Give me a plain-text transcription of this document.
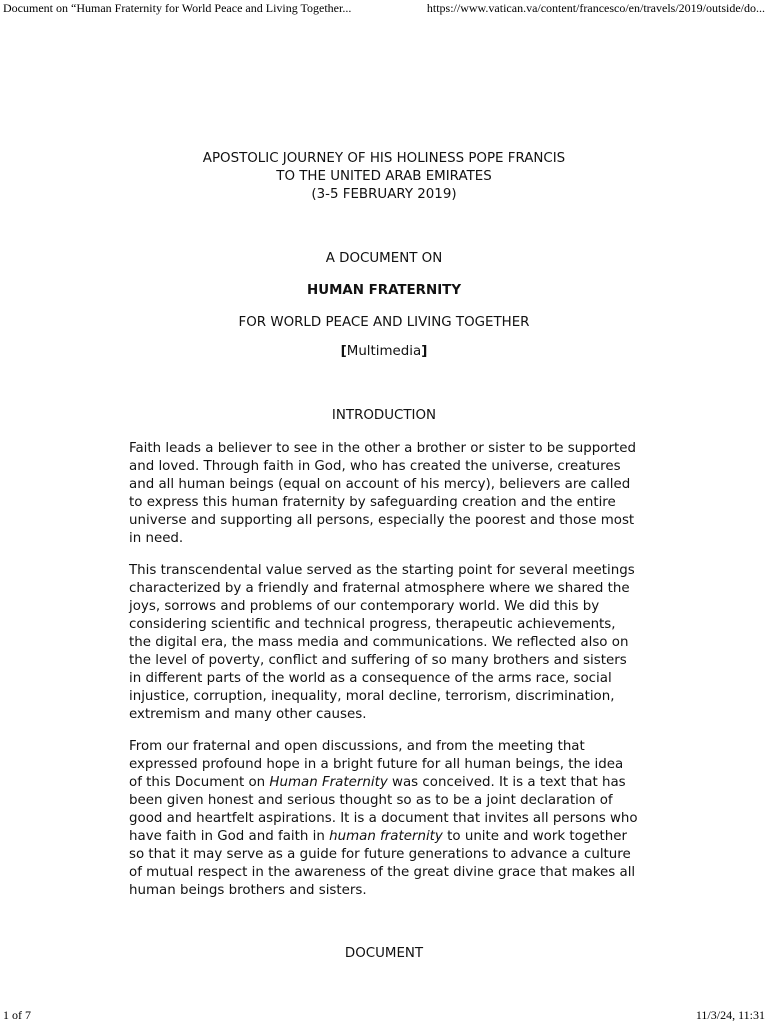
Document on “Human Fraternity for World Peace and Living Together...	https://www.vatican.va/content/francesco/en/travels/2019/outside/do...
APOSTOLIC JOURNEY OF HIS HOLINESS POPE FRANCIS
TO THE UNITED ARAB EMIRATES
(3-5 FEBRUARY 2019)
A DOCUMENT ON
HUMAN FRATERNITY
FOR WORLD PEACE AND LIVING TOGETHER
[Multimedia]
INTRODUCTION

Faith leads a believer to see in the other a brother or sister to be supported and loved. Through faith in God, who has created the universe, creatures and all human beings (equal on account of his mercy), believers are called to express this human fraternity by safeguarding creation and the entire universe and supporting all persons, especially the poorest and those most in need.

This transcendental value served as the starting point for several meetings characterized by a friendly and fraternal atmosphere where we shared the joys, sorrows and problems of our contemporary world. We did this by considering scientific and technical progress, therapeutic achievements, the digital era, the mass media and communications. We reflected also on the level of poverty, conflict and suffering of so many brothers and sisters in different parts of the world as a consequence of the arms race, social injustice, corruption, inequality, moral decline, terrorism, discrimination, extremism and many other causes.

From our fraternal and open discussions, and from the meeting that expressed profound hope in a bright future for all human beings, the idea of this Document on Human Fraternity was conceived. It is a text that has been given honest and serious thought so as to be a joint declaration of good and heartfelt aspirations. It is a document that invites all persons who have faith in God and faith in human fraternity to unite and work together so that it may serve as a guide for future generations to advance a culture of mutual respect in the awareness of the great divine grace that makes all human beings brothers and sisters.

DOCUMENT
1 of 7	11/3/24, 11:31
